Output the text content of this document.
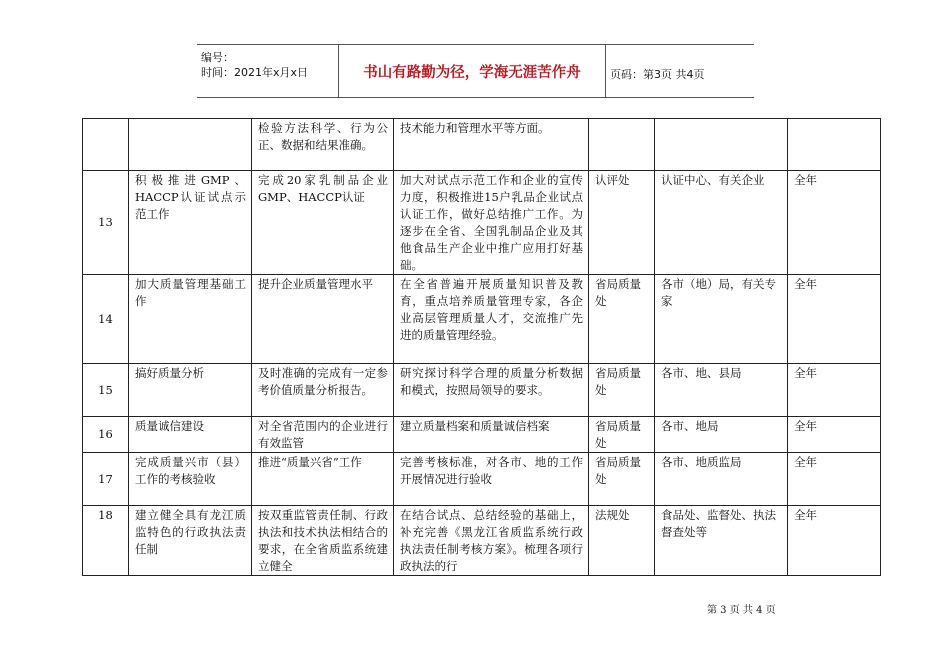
编号：
时间：2021年x月x日	书山有路勤为径，学海无涯苦作舟	页码：第3页 共4页
		检验方法科学、行为公正、数据和结果准确。	技术能力和管理水平等方面。			
13	积极推进GMP、HACCP认证试点示范工作	完成20家乳制品企业GMP、HACCP认证	加大对试点示范工作和企业的宣传力度，积极推进15户乳品企业试点认证工作，做好总结推广工作。为逐步在全省、全国乳制品企业及其他食品生产企业中推广应用打好基础。	认评处	认证中心、有关企业	全年
14	加大质量管理基础工作	提升企业质量管理水平	在全省普遍开展质量知识普及教育，重点培养质量管理专家，各企业高层管理质量人才，交流推广先进的质量管理经验。	省局质量处	各市（地）局，有关专家	全年
15	搞好质量分析	及时准确的完成有一定参考价值质量分析报告。	研究探讨科学合理的质量分析数据和模式，按照局领导的要求。	省局质量处	各市、地、县局	全年
16	质量诚信建设	对全省范围内的企业进行有效监管	建立质量档案和质量诚信档案	省局质量处	各市、地局	全年
17	完成质量兴市（县）工作的考核验收	推进“质量兴省”工作	完善考核标准，对各市、地的工作开展情况进行验收	省局质量处	各市、地质监局	全年
18	建立健全具有龙江质监特色的行政执法责任制	按双重监管责任制、行政执法和技术执法相结合的要求，在全省质监系统建立健全	在结合试点、总结经验的基础上，补充完善《黑龙江省质监系统行政执法责任制考核方案》。梳理各项行政执法的行	法规处	食品处、监督处、执法督查处等	全年
第 3 页 共 4 页
